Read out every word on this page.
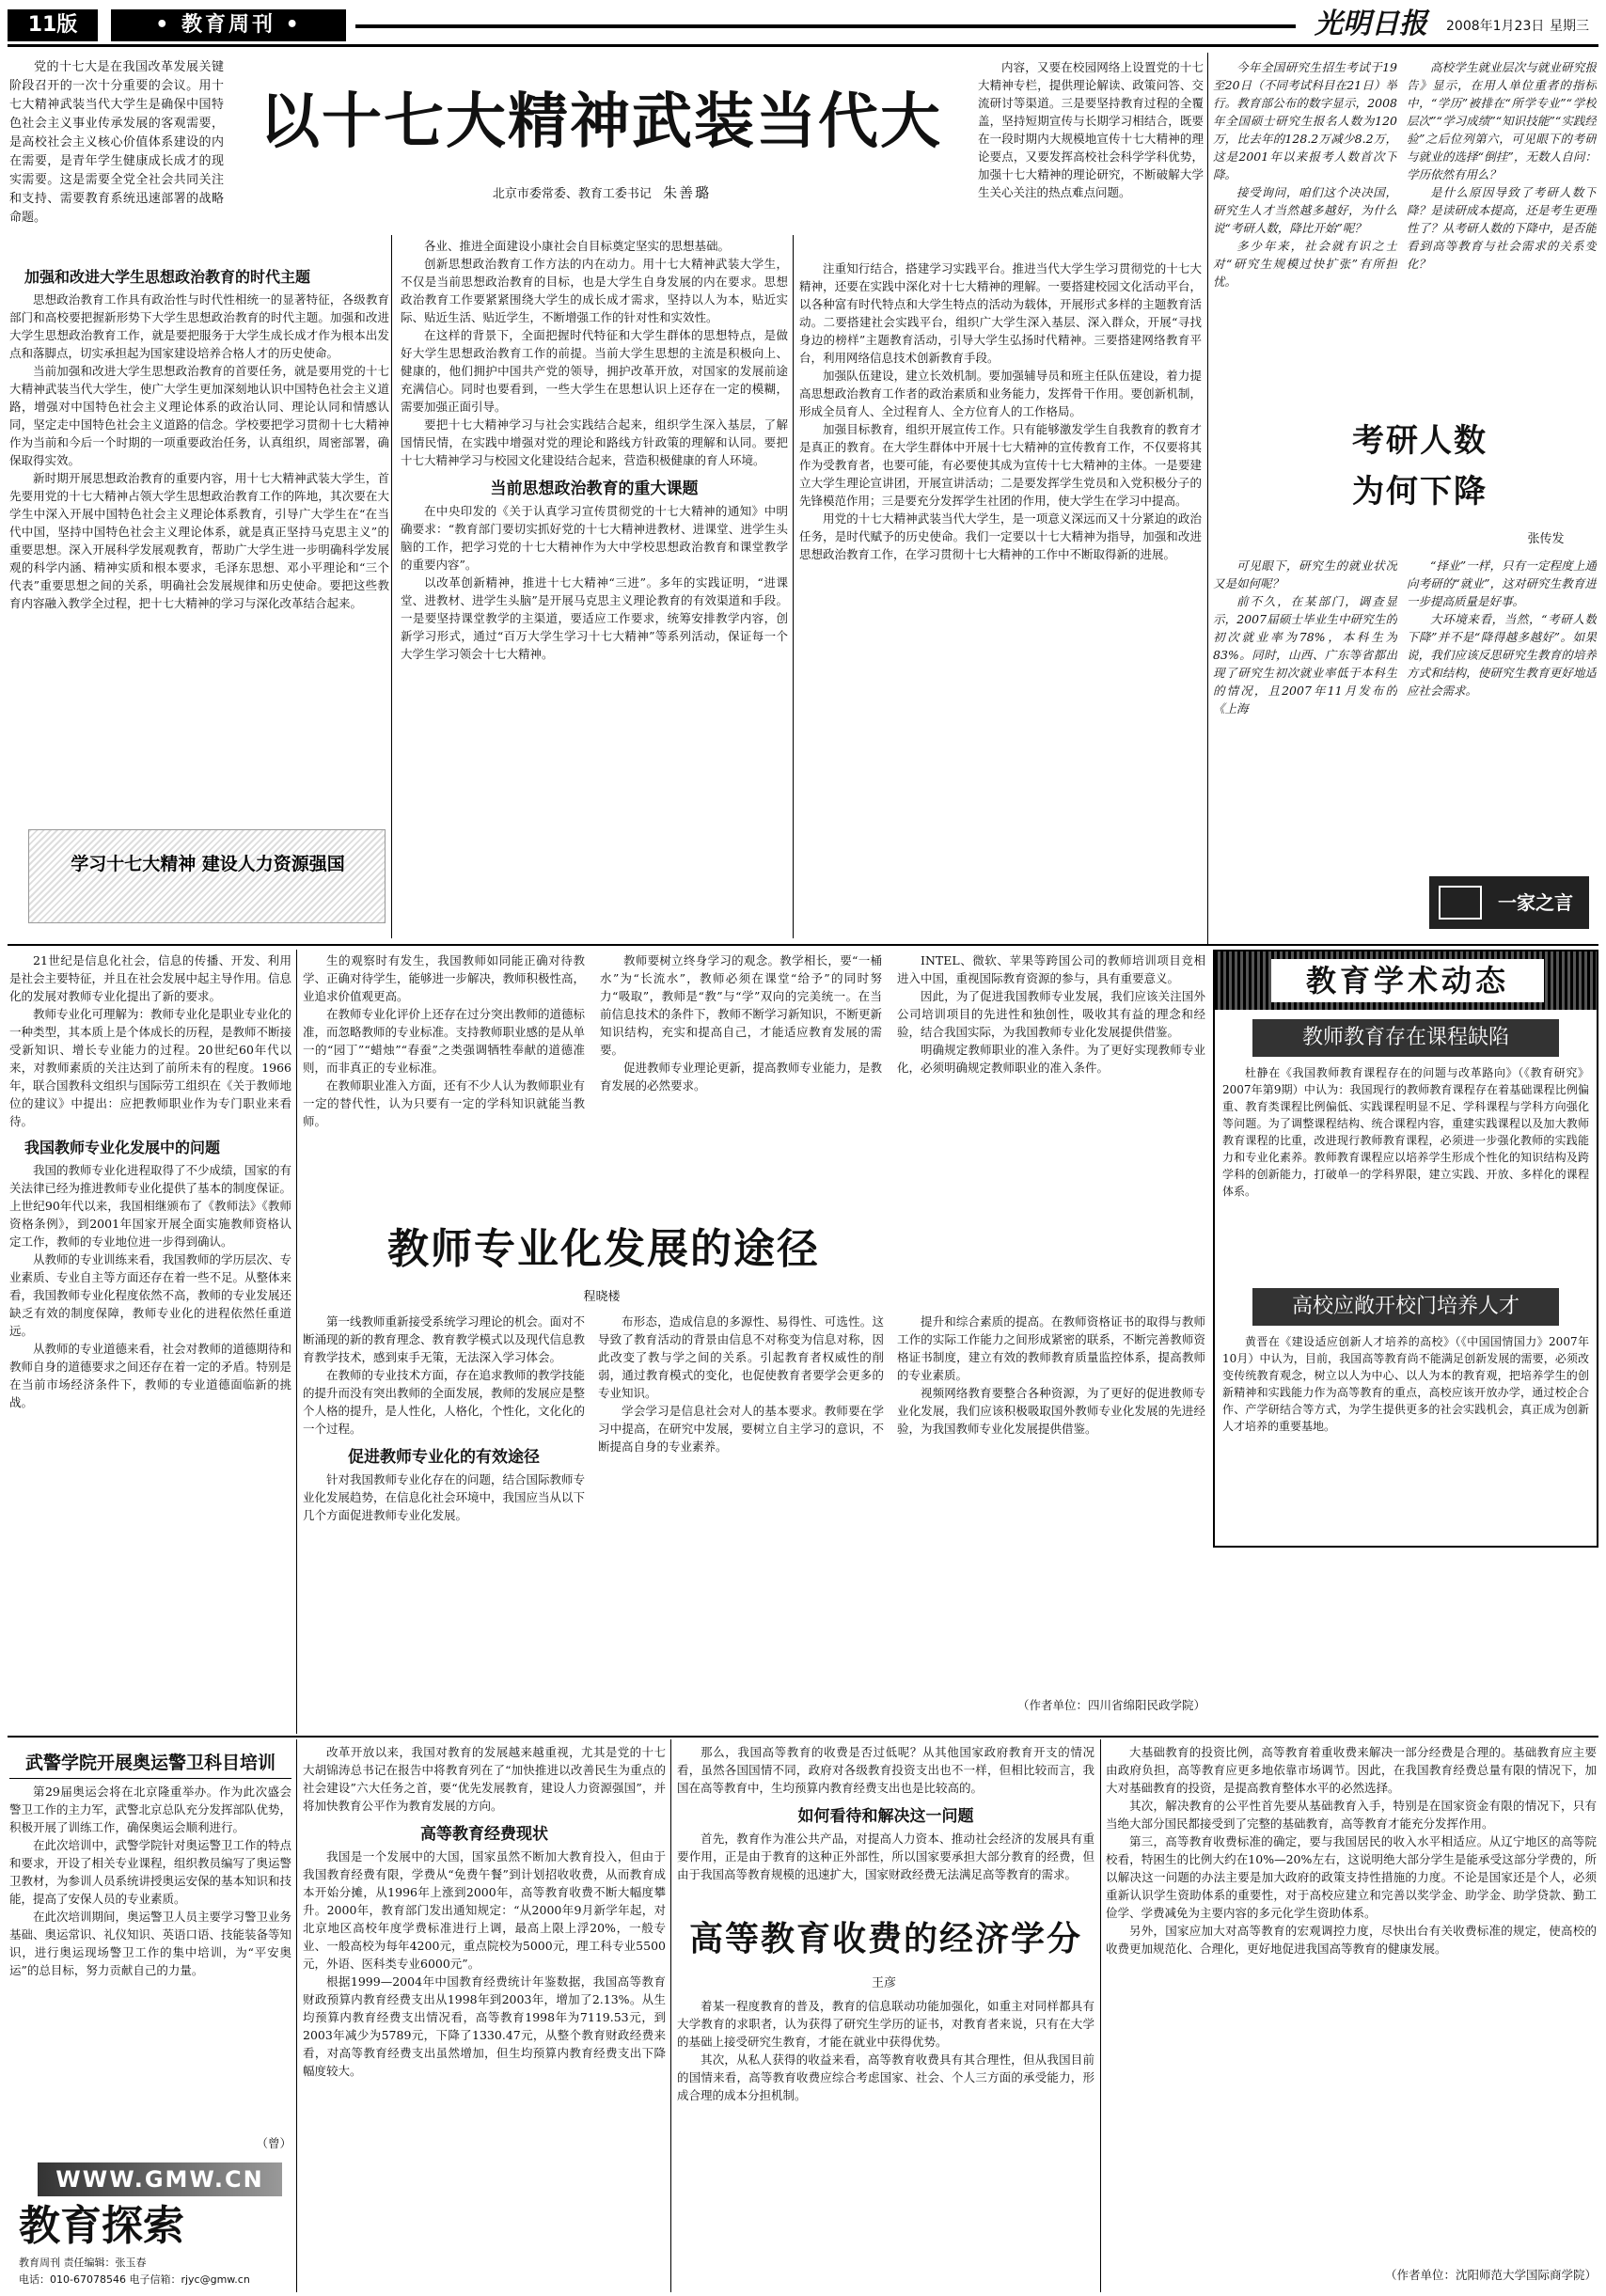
11版	• 教育周刊 •	光明日报	2008年1月23日 星期三

党的十七大是在我国改革发展关键阶段召开的一次十分重要的会议。用十七大精神武装当代大学生是确保中国特色社会主义事业传承发展的客观需要，是高校社会主义核心价值体系建设的内在需要，是青年学生健康成长成才的现实需要。这是需要全党全社会共同关注和支持、需要教育系统迅速部署的战略命题。

以十七大精神武装当代大
北京市委常委、教育工委书记 朱善璐

内容，又要在校园网络上设置党的十七大精神专栏，提供理论解读、政策问答、交流研讨等渠道。三是要坚持教育过程的全覆盖，坚持短期宣传与长期学习相结合，既要在一段时期内大规模地宣传十七大精神的理论要点，又要发挥高校社会科学学科优势，加强十七大精神的理论研究，不断破解大学生关心关注的热点难点问题。

加强和改进大学生思想政治教育的时代主题

思想政治教育工作具有政治性与时代性相统一的显著特征，各级教育部门和高校要把握新形势下大学生思想政治教育的时代主题。加强和改进大学生思想政治教育工作，就是要把服务于大学生成长成才作为根本出发点和落脚点，切实承担起为国家建设培养合格人才的历史使命。

当前加强和改进大学生思想政治教育的首要任务，就是要用党的十七大精神武装当代大学生，使广大学生更加深刻地认识中国特色社会主义道路，增强对中国特色社会主义理论体系的政治认同、理论认同和情感认同，坚定走中国特色社会主义道路的信念。学校要把学习贯彻十七大精神作为当前和今后一个时期的一项重要政治任务，认真组织，周密部署，确保取得实效。

新时期开展思想政治教育的重要内容，用十七大精神武装大学生，首先要用党的十七大精神占领大学生思想政治教育工作的阵地，其次要在大学生中深入开展中国特色社会主义理论体系教育，引导广大学生在“在当代中国，坚持中国特色社会主义理论体系，就是真正坚持马克思主义”的重要思想。深入开展科学发展观教育，帮助广大学生进一步明确科学发展观的科学内涵、精神实质和根本要求，毛泽东思想、邓小平理论和“三个代表”重要思想之间的关系，明确社会发展规律和历史使命。要把这些教育内容融入教学全过程，把十七大精神的学习与深化改革结合起来。

学习十七大精神 建设人力资源强国

各业、推进全面建设小康社会自目标奠定坚实的思想基础。

创新思想政治教育工作方法的内在动力。用十七大精神武装大学生，不仅是当前思想政治教育的目标，也是大学生自身发展的内在要求。思想政治教育工作要紧紧围绕大学生的成长成才需求，坚持以人为本，贴近实际、贴近生活、贴近学生，不断增强工作的针对性和实效性。

在这样的背景下，全面把握时代特征和大学生群体的思想特点，是做好大学生思想政治教育工作的前提。当前大学生思想的主流是积极向上、健康的，他们拥护中国共产党的领导，拥护改革开放，对国家的发展前途充满信心。同时也要看到，一些大学生在思想认识上还存在一定的模糊，需要加强正面引导。

要把十七大精神学习与社会实践结合起来，组织学生深入基层，了解国情民情，在实践中增强对党的理论和路线方针政策的理解和认同。要把十七大精神学习与校园文化建设结合起来，营造积极健康的育人环境。

当前思想政治教育的重大课题

在中央印发的《关于认真学习宣传贯彻党的十七大精神的通知》中明确要求：“教育部门要切实抓好党的十七大精神进教材、进课堂、进学生头脑的工作，把学习党的十七大精神作为大中学校思想政治教育和课堂教学的重要内容”。

以改革创新精神，推进十七大精神“三进”。多年的实践证明，“进课堂、进教材、进学生头脑”是开展马克思主义理论教育的有效渠道和手段。一是要坚持课堂教学的主渠道，要适应工作要求，统筹安排教学内容，创新学习形式，通过“百万大学生学习十七大精神”等系列活动，保证每一个大学生学习领会十七大精神。

注重知行结合，搭建学习实践平台。推进当代大学生学习贯彻党的十七大精神，还要在实践中深化对十七大精神的理解。一要搭建校园文化活动平台，以各种富有时代特点和大学生特点的活动为载体，开展形式多样的主题教育活动。二要搭建社会实践平台，组织广大学生深入基层、深入群众，开展“寻找身边的榜样”主题教育活动，引导大学生弘扬时代精神。三要搭建网络教育平台，利用网络信息技术创新教育手段。

加强队伍建设，建立长效机制。要加强辅导员和班主任队伍建设，着力提高思想政治教育工作者的政治素质和业务能力，发挥骨干作用。要创新机制，形成全员育人、全过程育人、全方位育人的工作格局。

加强目标教育，组织开展宣传工作。只有能够激发学生自我教育的教育才是真正的教育。在大学生群体中开展十七大精神的宣传教育工作，不仅要将其作为受教育者，也要可能，有必要使其成为宣传十七大精神的主体。一是要建立大学生理论宣讲团，开展宣讲活动；二是要发挥学生党员和入党积极分子的先锋模范作用；三是要充分发挥学生社团的作用，使大学生在学习中提高。

用党的十七大精神武装当代大学生，是一项意义深远而又十分紧迫的政治任务，是时代赋予的历史使命。我们一定要以十七大精神为指导，加强和改进思想政治教育工作，在学习贯彻十七大精神的工作中不断取得新的进展。

今年全国研究生招生考试于19至20日（不同考试科目在21日）举行。教育部公布的数字显示，2008年全国硕士研究生报名人数为120万，比去年的128.2万减少8.2万，这是2001年以来报考人数首次下降。

接受询问，咱们这个决决国，研究生人才当然越多越好，为什么说“考研人数，降比开始”呢？

多少年来，社会就有识之士对“研究生规模过快扩张”有所担忧。

高校学生就业层次与就业研究报告》显示，在用人单位重者的指标中，“学历”被排在“所学专业”“学校层次”“学习成绩”“知识技能”“实践经验”之后位列第六，可见眼下的考研与就业的选择“倒挂”，无数人自问：学历依然有用么？

是什么原因导致了考研人数下降？是读研成本提高，还是考生更理性了？从考研人数的下降中，是否能看到高等教育与社会需求的关系变化？

考研人数为何下降
张传发

可见眼下，研究生的就业状况又是如何呢？

前不久，在某部门，调查显示，2007届硕士毕业生中研究生的初次就业率为78%，本科生为83%。同时，山西、广东等省都出现了研究生初次就业率低于本科生的情况，且2007年11月发布的《上海

“择业”一样，只有一定程度上通向考研的“就业”，这对研究生教育进一步提高质量是好事。

大环境来看，当然，“考研人数下降”并不是“降得越多越好”。如果说，我们应该反思研究生教育的培养方式和结构，使研究生教育更好地适应社会需求。

一家之言
教育学术动态
教师教育存在课程缺陷

杜静在《我国教师教育课程存在的问题与改革路向》（《教育研究》2007年第9期）中认为：我国现行的教师教育课程存在着基础课程比例偏重、教育类课程比例偏低、实践课程明显不足、学科课程与学科方向强化等问题。为了调整课程结构、统合课程内容，重建实践课程以及加大教师教育课程的比重，改进现行教师教育课程，必须进一步强化教师的实践能力和专业化素养。教师教育课程应以培养学生形成个性化的知识结构及跨学科的创新能力，打破单一的学科界限，建立实践、开放、多样化的课程体系。

高校应敞开校门培养人才

黄晋在《建设适应创新人才培养的高校》（《中国国情国力》2007年10月）中认为，目前，我国高等教育尚不能满足创新发展的需要，必须改变传统教育观念，树立以人为中心、以人为本的教育观，把培养学生的创新精神和实践能力作为高等教育的重点，高校应该开放办学，通过校企合作、产学研结合等方式，为学生提供更多的社会实践机会，真正成为创新人才培养的重要基地。

21世纪是信息化社会，信息的传播、开发、利用是社会主要特征，并且在社会发展中起主导作用。信息化的发展对教师专业化提出了新的要求。

教师专业化可理解为：教师专业化是职业专业化的一种类型，其本质上是个体成长的历程，是教师不断接受新知识、增长专业能力的过程。20世纪60年代以来，对教师素质的关注达到了前所未有的程度。1966年，联合国教科文组织与国际劳工组织在《关于教师地位的建议》中提出：应把教师职业作为专门职业来看待。

我国教师专业化发展中的问题

我国的教师专业化进程取得了不少成绩，国家的有关法律已经为推进教师专业化提供了基本的制度保证。上世纪90年代以来，我国相继颁布了《教师法》《教师资格条例》，到2001年国家开展全面实施教师资格认定工作，教师的专业地位进一步得到确认。

从教师的专业训练来看，我国教师的学历层次、专业素质、专业自主等方面还存在着一些不足。从整体来看，我国教师专业化程度依然不高，教师的专业发展还缺乏有效的制度保障，教师专业化的进程依然任重道远。

从教师的专业道德来看，社会对教师的道德期待和教师自身的道德要求之间还存在着一定的矛盾。特别是在当前市场经济条件下，教师的专业道德面临新的挑战。

生的观察时有发生，我国教师如同能正确对待教学、正确对待学生，能够进一步解决，教师积极性高，业追求价值观更高。

在教师专业化评价上还存在过分突出教师的道德标准，而忽略教师的专业标准。支持教师职业感的是从单一的“园丁”“蜡烛”“春蚕”之类强调牺牲奉献的道德准则，而非真正的专业标准。

在教师职业准入方面，还有不少人认为教师职业有一定的替代性，认为只要有一定的学科知识就能当教师。

教师要树立终身学习的观念。教学相长，要“一桶水”为“长流水”，教师必须在课堂“给予”的同时努力“吸取”，教师是“教”与“学”双向的完美统一。在当前信息技术的条件下，教师不断学习新知识，不断更新知识结构，充实和提高自己，才能适应教育发展的需要。

促进教师专业理论更新，提高教师专业能力，是教育发展的必然要求。

INTEL、微软、苹果等跨国公司的教师培训项目竞相进入中国，重视国际教育资源的参与，具有重要意义。

因此，为了促进我国教师专业发展，我们应该关注国外公司培训项目的先进性和独创性，吸收其有益的理念和经验，结合我国实际，为我国教师专业化发展提供借鉴。

明确规定教师职业的准入条件。为了更好实现教师专业化，必须明确规定教师职业的准入条件。

教师专业化发展的途径
程晓楼

第一线教师重新接受系统学习理论的机会。面对不断涌现的新的教育理念、教育教学模式以及现代信息教育教学技术，感到束手无策，无法深入学习体会。

在教师的专业技术方面，存在追求教师的教学技能的提升而没有突出教师的全面发展，教师的发展应是整个人格的提升，是人性化，人格化，个性化，文化化的一个过程。

促进教师专业化的有效途径

针对我国教师专业化存在的问题，结合国际教师专业化发展趋势，在信息化社会环境中，我国应当从以下几个方面促进教师专业化发展。

布形态，造成信息的多源性、易得性、可选性。这导致了教育活动的背景由信息不对称变为信息对称，因此改变了教与学之间的关系。引起教育者权威性的削弱，通过教育模式的变化，也促使教育者要学会更多的专业知识。

学会学习是信息社会对人的基本要求。教师要在学习中提高，在研究中发展，要树立自主学习的意识，不断提高自身的专业素养。

提升和综合素质的提高。在教师资格证书的取得与教师工作的实际工作能力之间形成紧密的联系，不断完善教师资格证书制度，建立有效的教师教育质量监控体系，提高教师的专业素质。

视频网络教育要整合各种资源，为了更好的促进教师专业化发展，我们应该积极吸取国外教师专业化发展的先进经验，为我国教师专业化发展提供借鉴。

（作者单位：四川省绵阳民政学院）
武警学院开展奥运警卫科目培训

第29届奥运会将在北京隆重举办。作为此次盛会警卫工作的主力军，武警北京总队充分发挥部队优势，积极开展了训练工作，确保奥运会顺利进行。

在此次培训中，武警学院针对奥运警卫工作的特点和要求，开设了相关专业课程，组织教员编写了奥运警卫教材，为参训人员系统讲授奥运安保的基本知识和技能，提高了安保人员的专业素质。

在此次培训期间，奥运警卫人员主要学习警卫业务基础、奥运常识、礼仪知识、英语口语、技能装备等知识，进行奥运现场警卫工作的集中培训，为“平安奥运”的总目标，努力贡献自己的力量。

（曾）
WWW.GMW.CN
教育探索
教育周刊 责任编辑：张玉春
电话：010-67078546 电子信箱：rjyc@gmw.cn

改革开放以来，我国对教育的发展越来越重视，尤其是党的十七大胡锦涛总书记在报告中将教育列在了“加快推进以改善民生为重点的社会建设”六大任务之首，要“优先发展教育，建设人力资源强国”，并将加快教育公平作为教育发展的方向。

高等教育经费现状

我国是一个发展中的大国，国家虽然不断加大教育投入，但由于我国教育经费有限，学费从“免费午餐”到计划招收收费，从而教育成本开始分摊，从1996年上涨到2000年，高等教育收费不断大幅度攀升。2000年，教育部门发出通知规定：“从2000年9月新学年起，对北京地区高校年度学费标准进行上调，最高上限上浮20%，一般专业、一般高校为每年4200元，重点院校为5000元，理工科专业5500元，外语、医科类专业6000元”。

根据1999—2004年中国教育经费统计年鉴数据，我国高等教育财政预算内教育经费支出从1998年到2003年，增加了2.13%。从生均预算内教育经费支出情况看，高等教育1998年为7119.53元，到2003年减少为5789元，下降了1330.47元，从整个教育财政经费来看，对高等教育经费支出虽然增加，但生均预算内教育经费支出下降幅度较大。

那么，我国高等教育的收费是否过低呢？从其他国家政府教育开支的情况看，虽然各国国情不同，政府对各级教育投资支出也不一样，但相比较而言，我国在高等教育中，生均预算内教育经费支出也是比较高的。

如何看待和解决这一问题

首先，教育作为准公共产品，对提高人力资本、推动社会经济的发展具有重要作用，正是由于教育的这种正外部性，所以国家要承担大部分教育的经费，但由于我国高等教育规模的迅速扩大，国家财政经费无法满足高等教育的需求。

高等教育收费的经济学分
王彦

着某一程度教育的普及，教育的信息联动功能加强化，如重主对同样都具有大学教育的求职者，认为获得了研究生学历的证书，对教育者来说，只有在大学的基础上接受研究生教育，才能在就业中获得优势。

其次，从私人获得的收益来看，高等教育收费具有其合理性，但从我国目前的国情来看，高等教育收费应综合考虑国家、社会、个人三方面的承受能力，形成合理的成本分担机制。

大基础教育的投资比例，高等教育着重收费来解决一部分经费是合理的。基础教育应主要由政府负担，高等教育应更多地依靠市场调节。因此，在我国教育经费总量有限的情况下，加大对基础教育的投资，是提高教育整体水平的必然选择。

其次，解决教育的公平性首先要从基础教育入手，特别是在国家资金有限的情况下，只有当绝大部分国民都接受到了完整的基础教育，高等教育才能充分发挥作用。

第三，高等教育收费标准的确定，要与我国居民的收入水平相适应。从辽宁地区的高等院校看，特困生的比例大约在10%—20%左右，这说明绝大部分学生是能承受这部分学费的，所以解决这一问题的办法主要是加大政府的政策支持性措施的力度。不论是国家还是个人，必须重新认识学生资助体系的重要性，对于高校应建立和完善以奖学金、助学金、助学贷款、勤工俭学、学费减免为主要内容的多元化学生资助体系。

另外，国家应加大对高等教育的宏观调控力度，尽快出台有关收费标准的规定，使高校的收费更加规范化、合理化，更好地促进我国高等教育的健康发展。

（作者单位：沈阳师范大学国际商学院）
